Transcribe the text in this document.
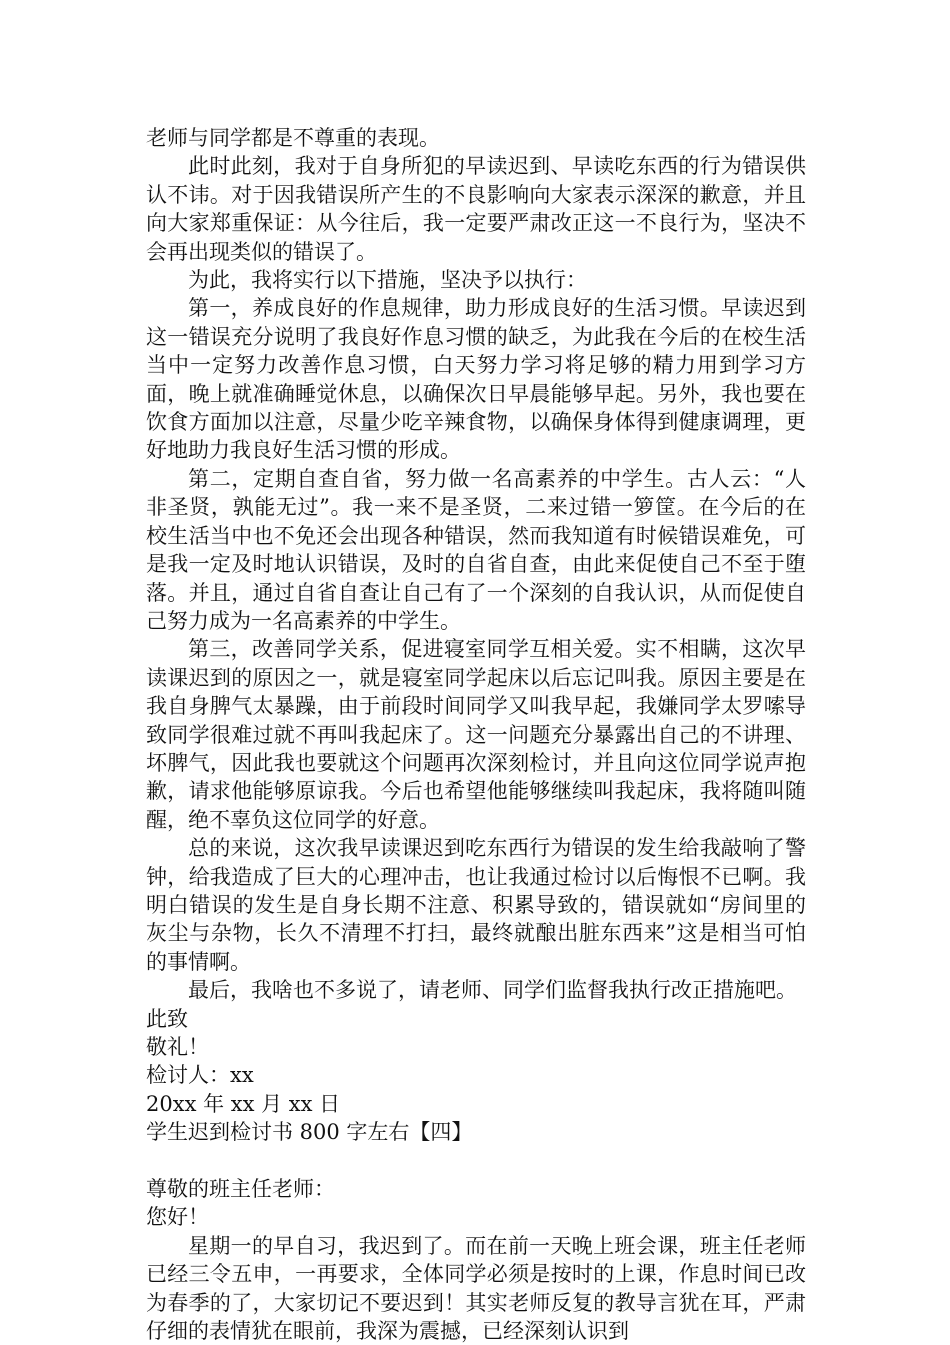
老师与同学都是不尊重的表现。

此时此刻，我对于自身所犯的早读迟到、早读吃东西的行为错误供认不讳。对于因我错误所产生的不良影响向大家表示深深的歉意，并且向大家郑重保证：从今往后，我一定要严肃改正这一不良行为，坚决不会再出现类似的错误了。

为此，我将实行以下措施，坚决予以执行：

第一，养成良好的作息规律，助力形成良好的生活习惯。早读迟到这一错误充分说明了我良好作息习惯的缺乏，为此我在今后的在校生活当中一定努力改善作息习惯，白天努力学习将足够的精力用到学习方面，晚上就准确睡觉休息，以确保次日早晨能够早起。另外，我也要在饮食方面加以注意，尽量少吃辛辣食物，以确保身体得到健康调理，更好地助力我良好生活习惯的形成。

第二，定期自查自省，努力做一名高素养的中学生。古人云：“人非圣贤，孰能无过”。我一来不是圣贤，二来过错一箩筐。在今后的在校生活当中也不免还会出现各种错误，然而我知道有时候错误难免，可是我一定及时地认识错误，及时的自省自查，由此来促使自己不至于堕落。并且，通过自省自查让自己有了一个深刻的自我认识，从而促使自己努力成为一名高素养的中学生。

第三，改善同学关系，促进寝室同学互相关爱。实不相瞒，这次早读课迟到的原因之一，就是寝室同学起床以后忘记叫我。原因主要是在我自身脾气太暴躁，由于前段时间同学又叫我早起，我嫌同学太罗嗦导致同学很难过就不再叫我起床了。这一问题充分暴露出自己的不讲理、坏脾气，因此我也要就这个问题再次深刻检讨，并且向这位同学说声抱歉，请求他能够原谅我。今后也希望他能够继续叫我起床，我将随叫随醒，绝不辜负这位同学的好意。

总的来说，这次我早读课迟到吃东西行为错误的发生给我敲响了警钟，给我造成了巨大的心理冲击，也让我通过检讨以后悔恨不已啊。我明白错误的发生是自身长期不注意、积累导致的，错误就如“房间里的灰尘与杂物，长久不清理不打扫，最终就酿出脏东西来”这是相当可怕的事情啊。

最后，我啥也不多说了，请老师、同学们监督我执行改正措施吧。

此致

敬礼！

检讨人：xx

20xx 年 xx 月 xx 日

学生迟到检讨书 800 字左右【四】

尊敬的班主任老师：

您好！

星期一的早自习，我迟到了。而在前一天晚上班会课，班主任老师已经三令五申，一再要求，全体同学必须是按时的上课，作息时间已改为春季的了，大家切记不要迟到！其实老师反复的教导言犹在耳，严肃仔细的表情犹在眼前，我深为震撼，已经深刻认识到
